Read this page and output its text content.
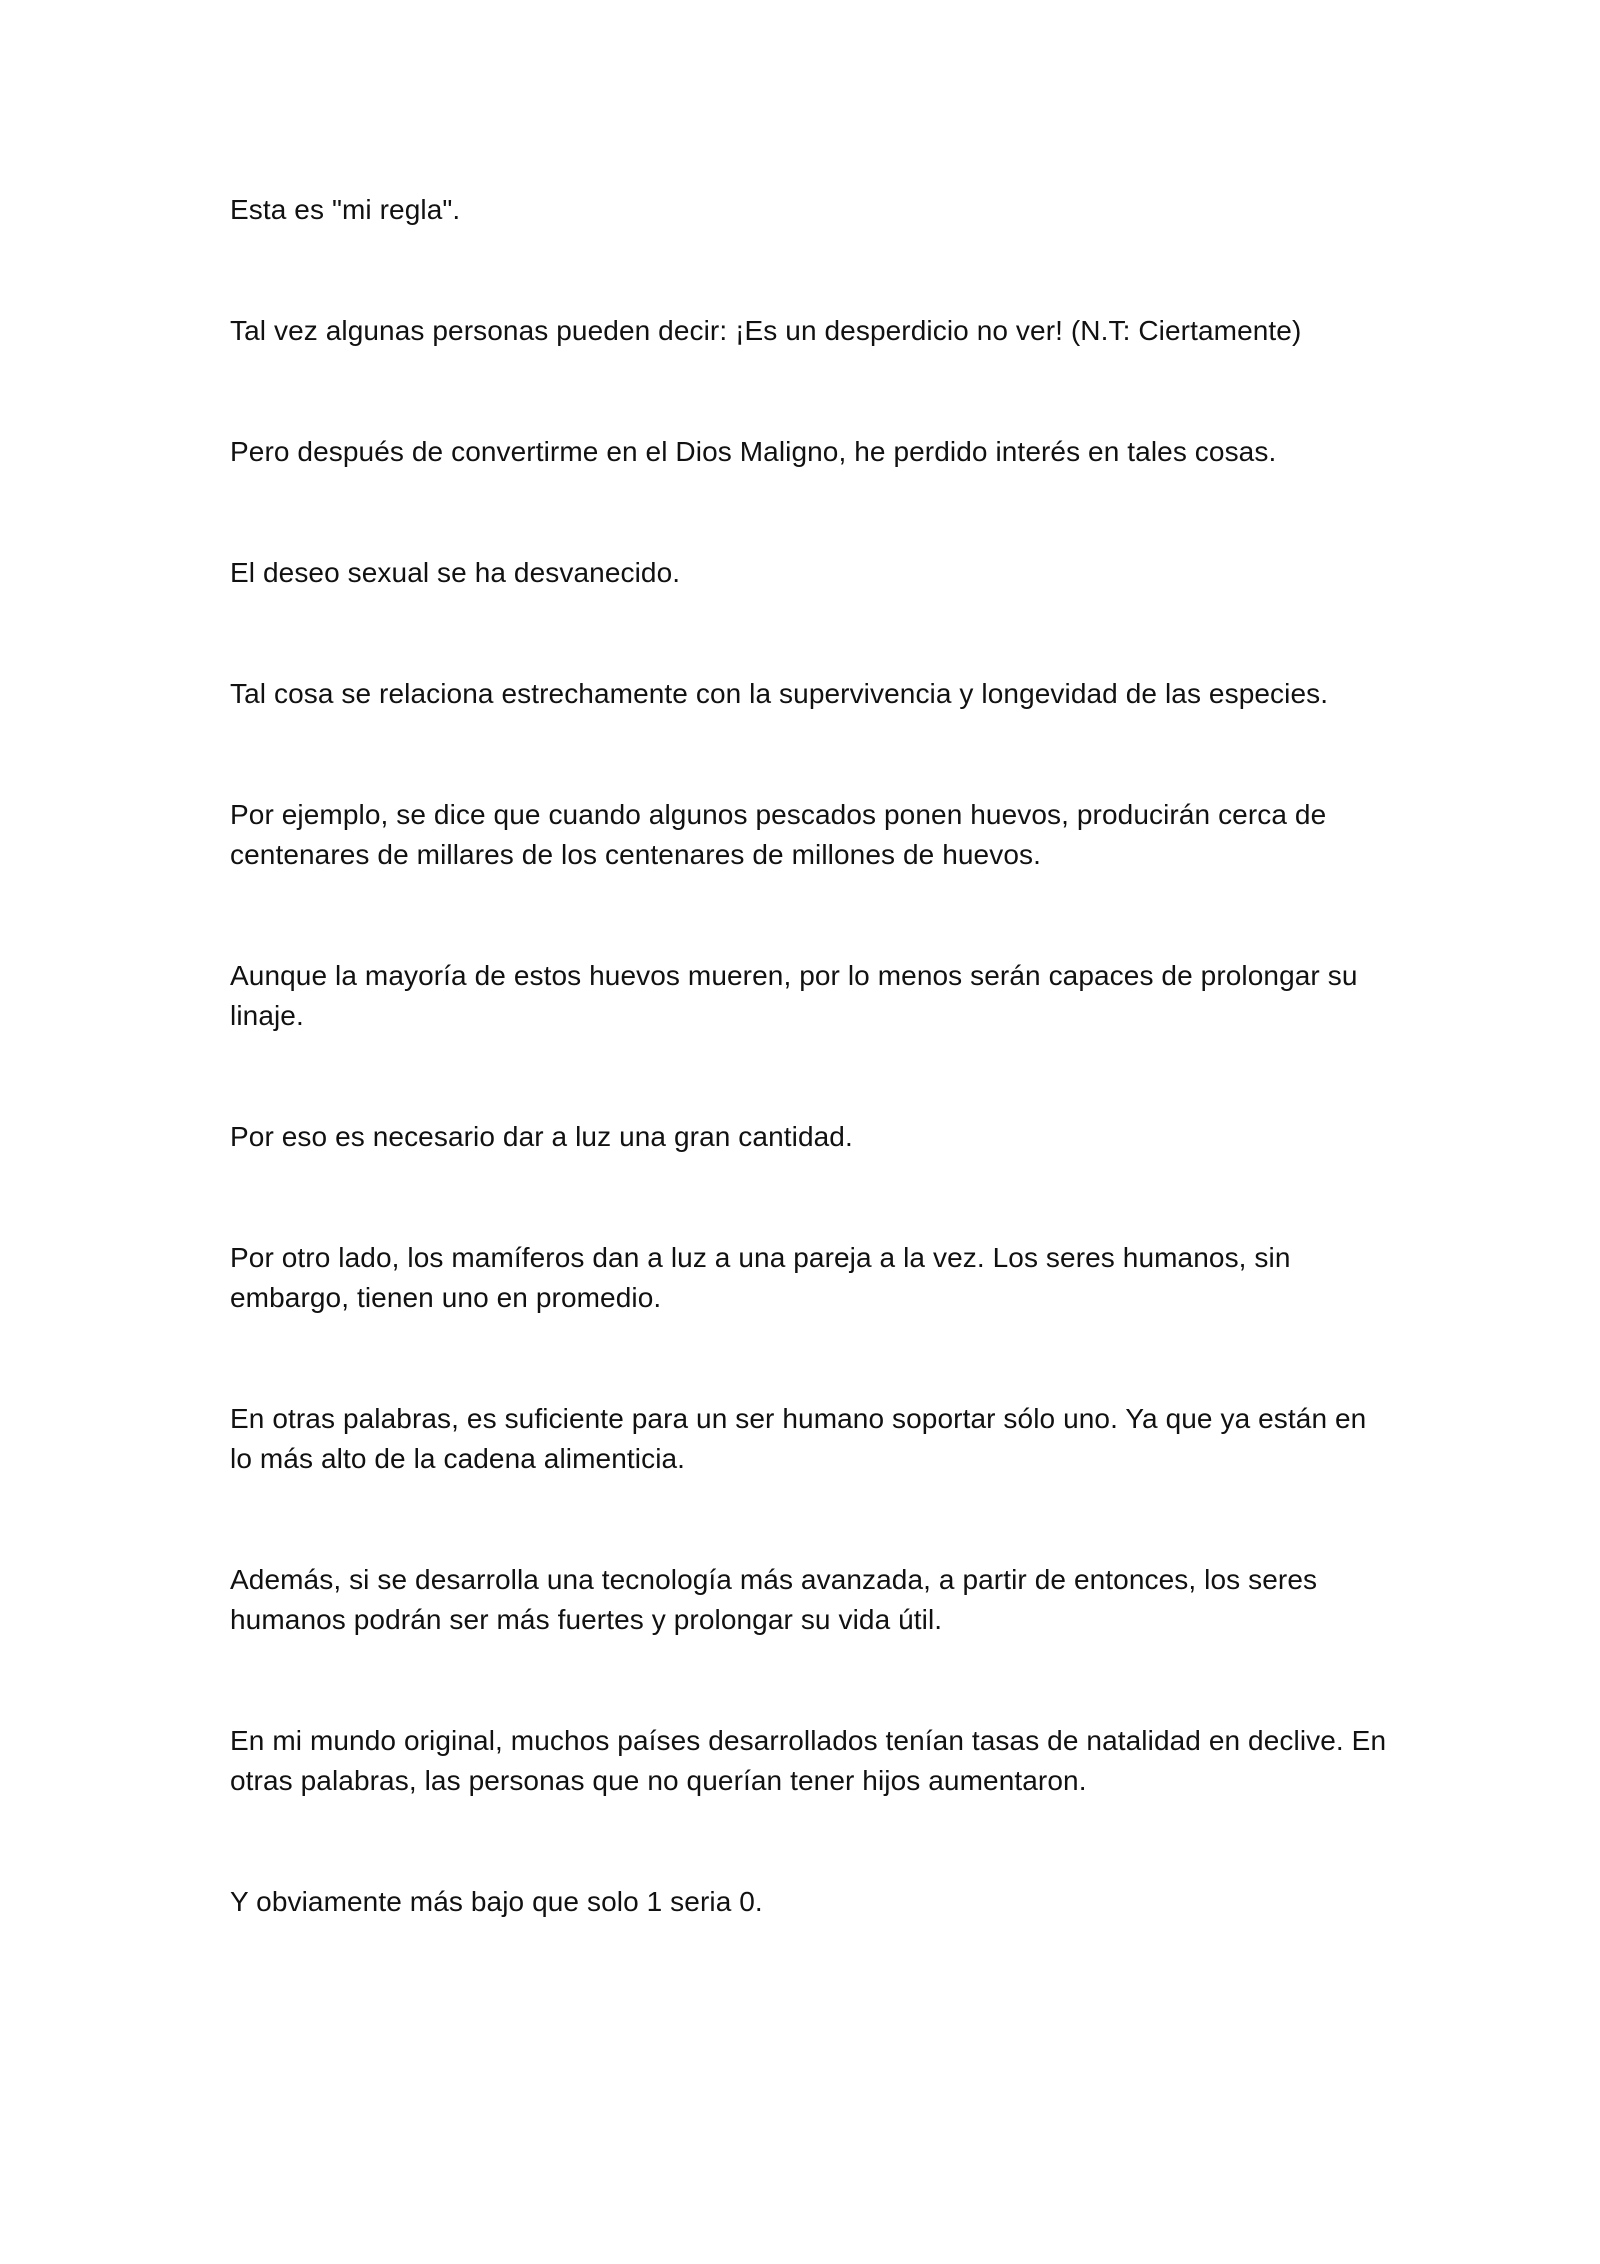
Esta es "mi regla".

Tal vez algunas personas pueden decir: ¡Es un desperdicio no ver! (N.T: Ciertamente)

Pero después de convertirme en el Dios Maligno, he perdido interés en tales cosas.

El deseo sexual se ha desvanecido.

Tal cosa se relaciona estrechamente con la supervivencia y longevidad de las especies.

Por ejemplo, se dice que cuando algunos pescados ponen huevos, producirán cerca de centenares de millares de los centenares de millones de huevos.

Aunque la mayoría de estos huevos mueren, por lo menos serán capaces de prolongar su linaje.

Por eso es necesario dar a luz una gran cantidad.

Por otro lado, los mamíferos dan a luz a una pareja a la vez. Los seres humanos, sin embargo, tienen uno en promedio.

En otras palabras, es suficiente para un ser humano soportar sólo uno. Ya que ya están en lo más alto de la cadena alimenticia.

Además, si se desarrolla una tecnología más avanzada, a partir de entonces, los seres humanos podrán ser más fuertes y prolongar su vida útil.

En mi mundo original, muchos países desarrollados tenían tasas de natalidad en declive. En otras palabras, las personas que no querían tener hijos aumentaron.

Y obviamente más bajo que solo 1 seria 0.
